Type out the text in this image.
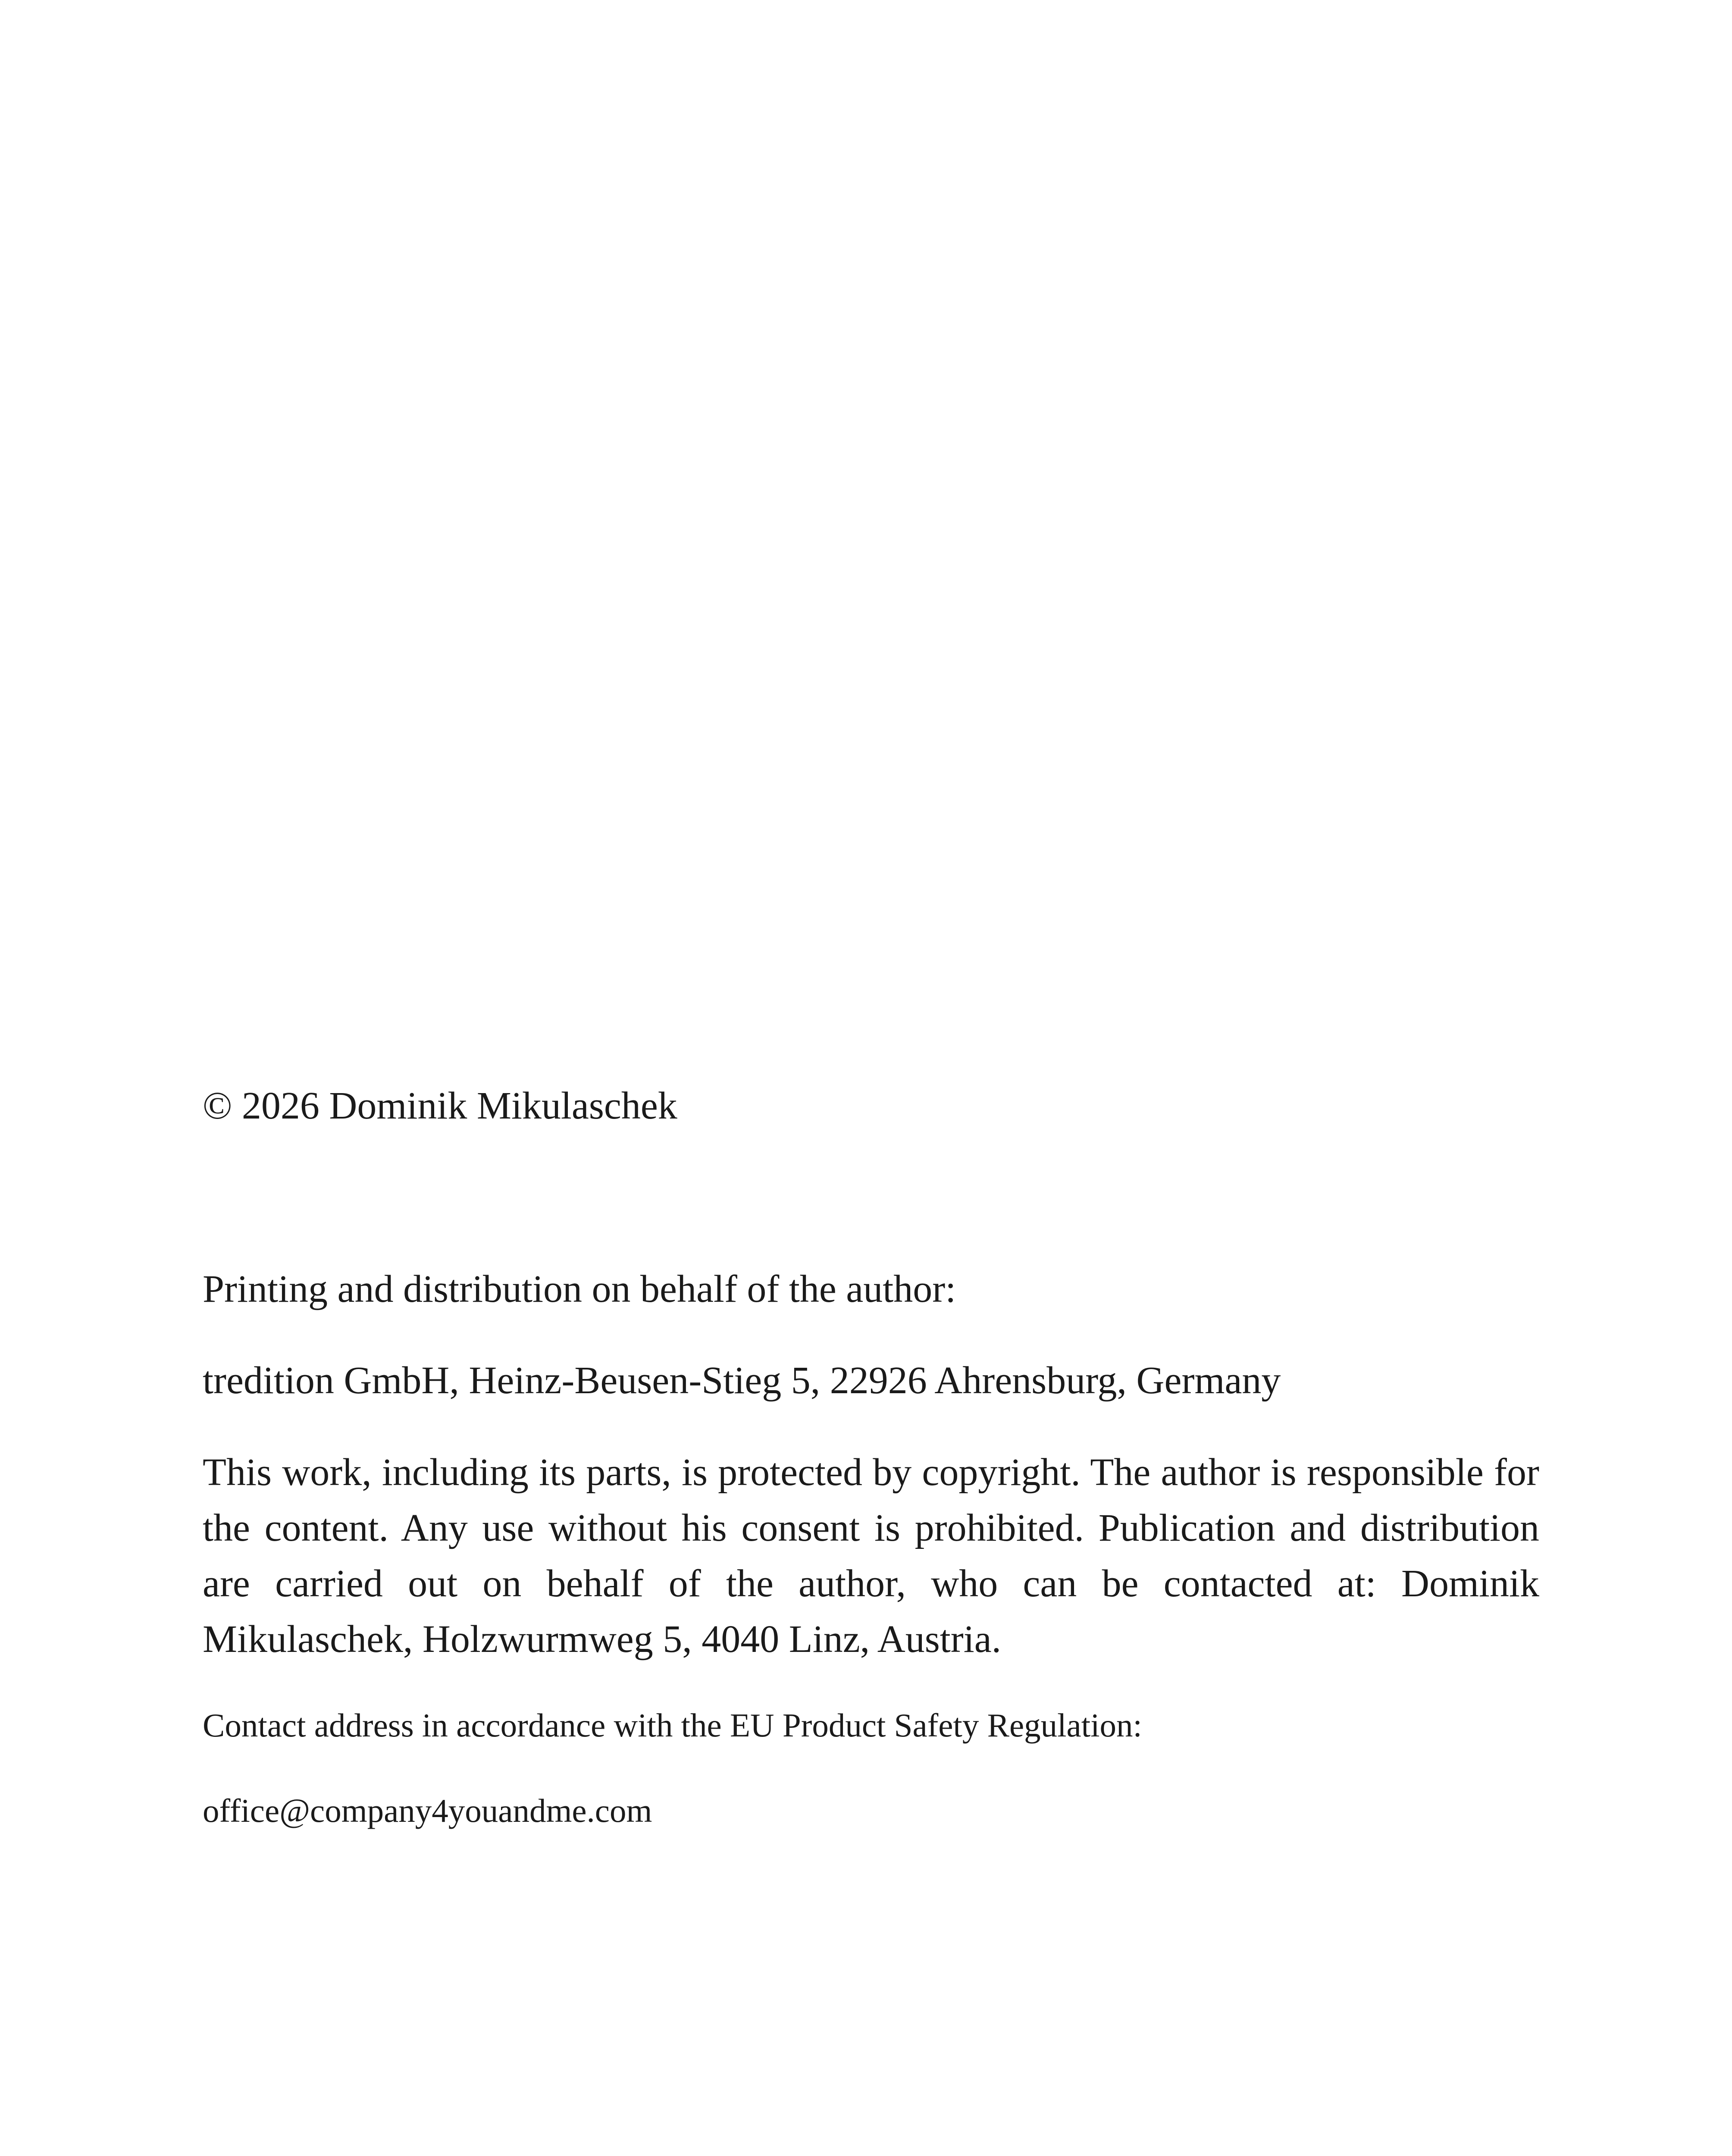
© 2026 Dominik Mikulaschek

Printing and distribution on behalf of the author:

tredition GmbH, Heinz-Beusen-Stieg 5, 22926 Ahrensburg, Germany

This work, including its parts, is protected by copyright. The author is responsible for the content. Any use without his consent is prohibited. Publication and distribution are carried out on behalf of the author, who can be contacted at: Dominik Mikulaschek, Holzwurmweg 5, 4040 Linz, Austria.

Contact address in accordance with the EU Product Safety Regulation:

office@company4youandme.com
